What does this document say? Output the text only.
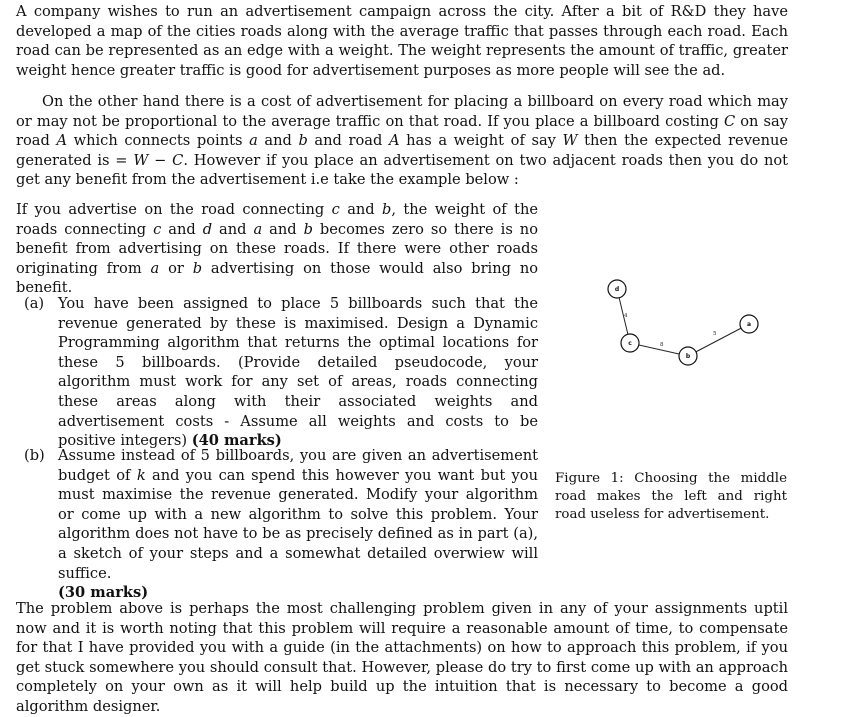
A company wishes to run an advertisement campaign across the city. After a bit of R&D they have developed a map of the cities roads along with the average traffic that passes through each road. Each road can be represented as an edge with a weight. The weight represents the amount of traffic, greater weight hence greater traffic is good for advertisement purposes as more people will see the ad.

On the other hand there is a cost of advertisement for placing a billboard on every road which may or may not be proportional to the average traffic on that road. If you place a billboard costing C on say road A which connects points a and b and road A has a weight of say W then the expected revenue generated is = W − C. However if you place an advertisement on two adjacent roads then you do not get any benefit from the advertisement i.e take the example below :

If you advertise on the road connecting c and b, the weight of the roads connecting c and d and a and b becomes zero so there is no benefit from advertising on these roads. If there were other roads originating from a or b advertising on those would also bring no benefit.

(a) You have been assigned to place 5 billboards such that the revenue generated by these is maximised. Design a Dynamic Programming algorithm that returns the optimal locations for these 5 billboards. (Provide detailed pseudocode, your algorithm must work for any set of areas, roads connecting these areas along with their associated weights and advertisement costs - Assume all weights and costs to be positive integers) (40 marks)
(b) Assume instead of 5 billboards, you are given an advertisement budget of k and you can spend this however you want but you must maximise the revenue generated. Modify your algorithm or come up with a new algorithm to solve this problem. Your algorithm does not have to be as precisely defined as in part (a), a sketch of your steps and a somewhat detailed overwiew will suffice.
(30 marks)
4
8
5
d
c
b
a
Figure 1: Choosing the middle road makes the left and right road useless for advertisement.

The problem above is perhaps the most challenging problem given in any of your assignments uptil now and it is worth noting that this problem will require a reasonable amount of time, to compensate for that I have provided you with a guide (in the attachments) on how to approach this problem, if you get stuck somewhere you should consult that. However, please do try to first come up with an approach completely on your own as it will help build up the intuition that is necessary to become a good algorithm designer.
